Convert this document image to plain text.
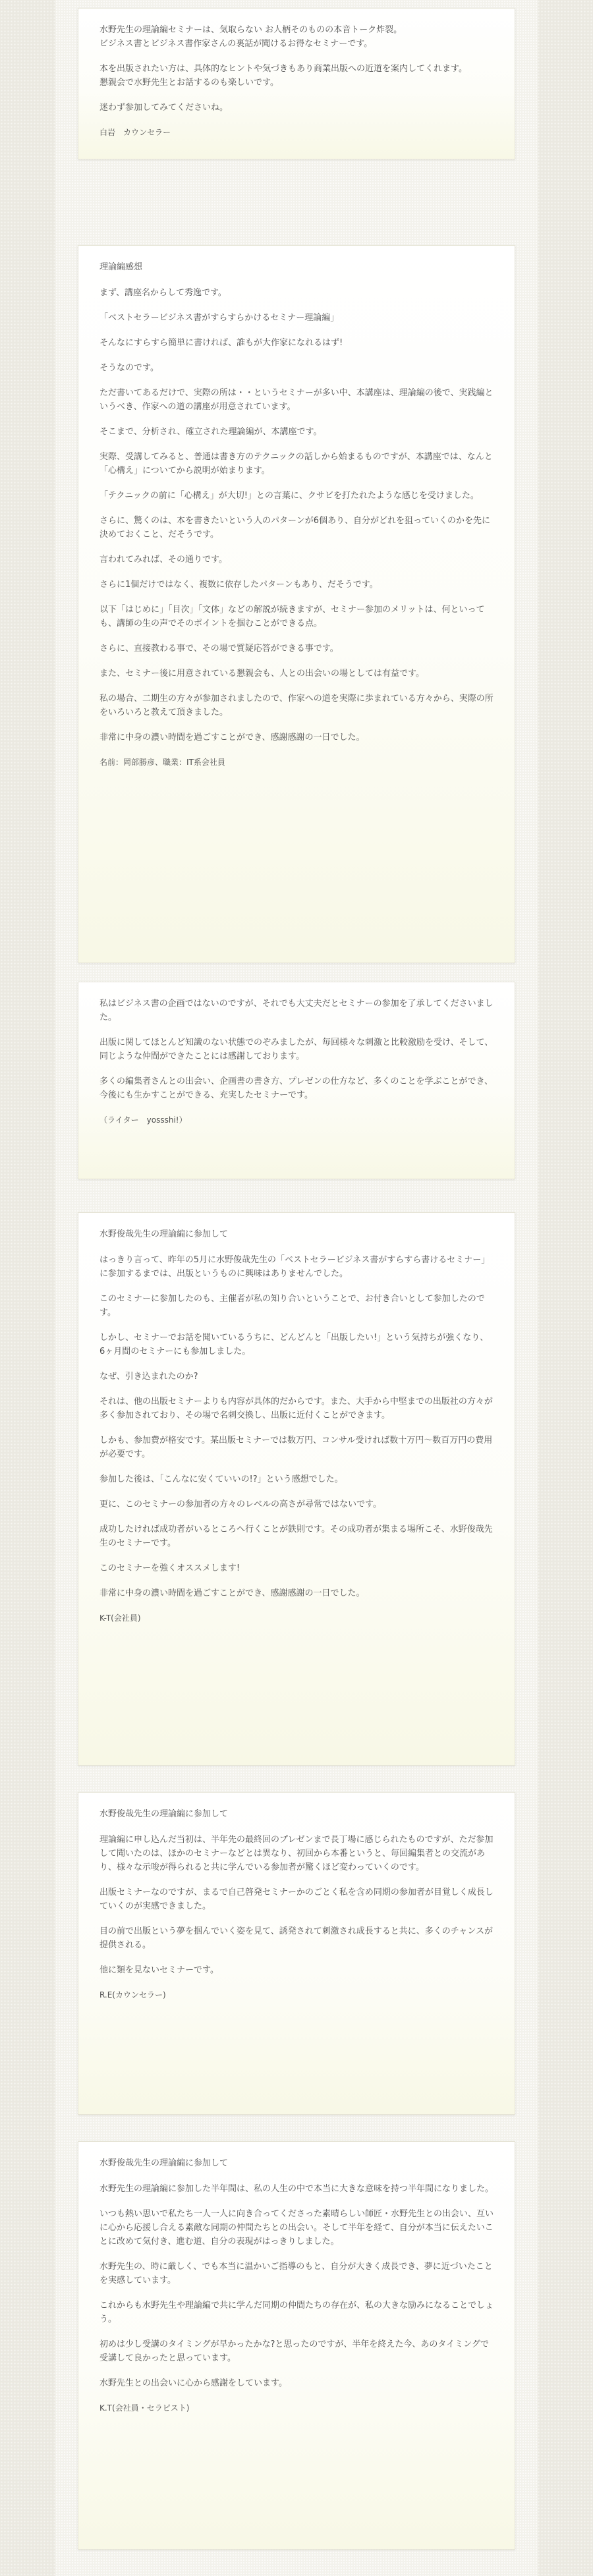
水野先生の理論編セミナーは、気取らない お人柄そのものの本音トーク炸裂。
ビジネス書とビジネス書作家さんの裏話が聞けるお得なセミナーです。

本を出版されたい方は、具体的なヒントや気づきもあり商業出版への近道を案内してくれます。
懇親会で水野先生とお話するのも楽しいです。

迷わず参加してみてくださいね。

白岩　カウンセラー

理論編感想

まず、講座名からして秀逸です。

「ベストセラービジネス書がすらすらかけるセミナー理論編」

そんなにすらすら簡単に書ければ、誰もが大作家になれるはず!

そうなのです。

ただ書いてあるだけで、実際の所は・・というセミナーが多い中、本講座は、理論編の後で、実践編というべき、作家への道の講座が用意されています。

そこまで、分析され、確立された理論編が、本講座です。

実際、受講してみると、普通は書き方のテクニックの話しから始まるものですが、本講座では、なんと「心構え」についてから説明が始まります。

「テクニックの前に「心構え」が大切!」との言葉に、クサビを打たれたような感じを受けました。

さらに、驚くのは、本を書きたいという人のパターンが6個あり、自分がどれを狙っていくのかを先に決めておくこと、だそうです。

言われてみれば、その通りです。

さらに1個だけではなく、複数に依存したパターンもあり、だそうです。

以下「はじめに」「目次」「文体」などの解説が続きますが、セミナー参加のメリットは、何といっても、講師の生の声でそのポイントを掴むことができる点。

さらに、直接教わる事で、その場で質疑応答ができる事です。

また、セミナー後に用意されている懇親会も、人との出会いの場としては有益です。

私の場合、二期生の方々が参加されましたので、作家への道を実際に歩まれている方々から、実際の所をいろいろと教えて頂きました。

非常に中身の濃い時間を過ごすことができ、感謝感謝の一日でした。

名前：岡部勝彦、職業：IT系会社員

私はビジネス書の企画ではないのですが、それでも大丈夫だとセミナーの参加を了承してくださいました。

出版に関してほとんど知識のない状態でのぞみましたが、毎回様々な刺激と比較激励を受け、そして、同じような仲間ができたことには感謝しております。

多くの編集者さんとの出会い、企画書の書き方、プレゼンの仕方など、多くのことを学ぶことができ、今後にも生かすことができる、充実したセミナーです。

（ライター　yossshi!）

水野俊哉先生の理論編に参加して

はっきり言って、昨年の5月に水野俊哉先生の「ベストセラービジネス書がすらすら書けるセミナー」に参加するまでは、出版というものに興味はありませんでした。

このセミナーに参加したのも、主催者が私の知り合いということで、お付き合いとして参加したのです。

しかし、セミナーでお話を聞いているうちに、どんどんと「出版したい!」という気持ちが強くなり、6ヶ月間のセミナーにも参加しました。

なぜ、引き込まれたのか?

それは、他の出版セミナーよりも内容が具体的だからです。また、大手から中堅までの出版社の方々が多く参加されており、その場で名刺交換し、出版に近付くことができます。

しかも、参加費が格安です。某出版セミナーでは数万円、コンサル受ければ数十万円～数百万円の費用が必要です。

参加した後は、「こんなに安くていいの!?」という感想でした。

更に、このセミナーの参加者の方々のレベルの高さが尋常ではないです。

成功したければ成功者がいるところへ行くことが鉄則です。その成功者が集まる場所こそ、水野俊哉先生のセミナーです。

このセミナーを強くオススメします!

非常に中身の濃い時間を過ごすことができ、感謝感謝の一日でした。

K-T(会社員)

水野俊哉先生の理論編に参加して

理論編に申し込んだ当初は、半年先の最終回のプレゼンまで長丁場に感じられたものですが、ただ参加して聞いたのは、ほかのセミナーなどとは異なり、初回から本番というと、毎回編集者との交流があり、様々な示唆が得られると共に学んでいる参加者が驚くほど変わっていくのです。

出版セミナーなのですが、まるで自己啓発セミナーかのごとく私を含め同期の参加者が目覚しく成長していくのが実感できました。

目の前で出版という夢を掴んでいく姿を見て、誘発されて刺激され成長すると共に、多くのチャンスが提供される。

他に類を見ないセミナーです。

R.E(カウンセラー)

水野俊哉先生の理論編に参加して

水野先生の理論編に参加した半年間は、私の人生の中で本当に大きな意味を持つ半年間になりました。

いつも熱い思いで私たち一人一人に向き合ってくださった素晴らしい師匠・水野先生との出会い、互いに心から応援し合える素敵な同期の仲間たちとの出会い。そして半年を経て、自分が本当に伝えたいことに改めて気付き、進む道、自分の表現がはっきりしました。

水野先生の、時に厳しく、でも本当に温かいご指導のもと、自分が大きく成長でき、夢に近づいたことを実感しています。

これからも水野先生や理論編で共に学んだ同期の仲間たちの存在が、私の大きな励みになることでしょう。

初めは少し受講のタイミングが早かったかな?と思ったのですが、半年を終えた今、あのタイミングで受講して良かったと思っています。

水野先生との出会いに心から感謝をしています。

K.T(会社員・セラピスト)
